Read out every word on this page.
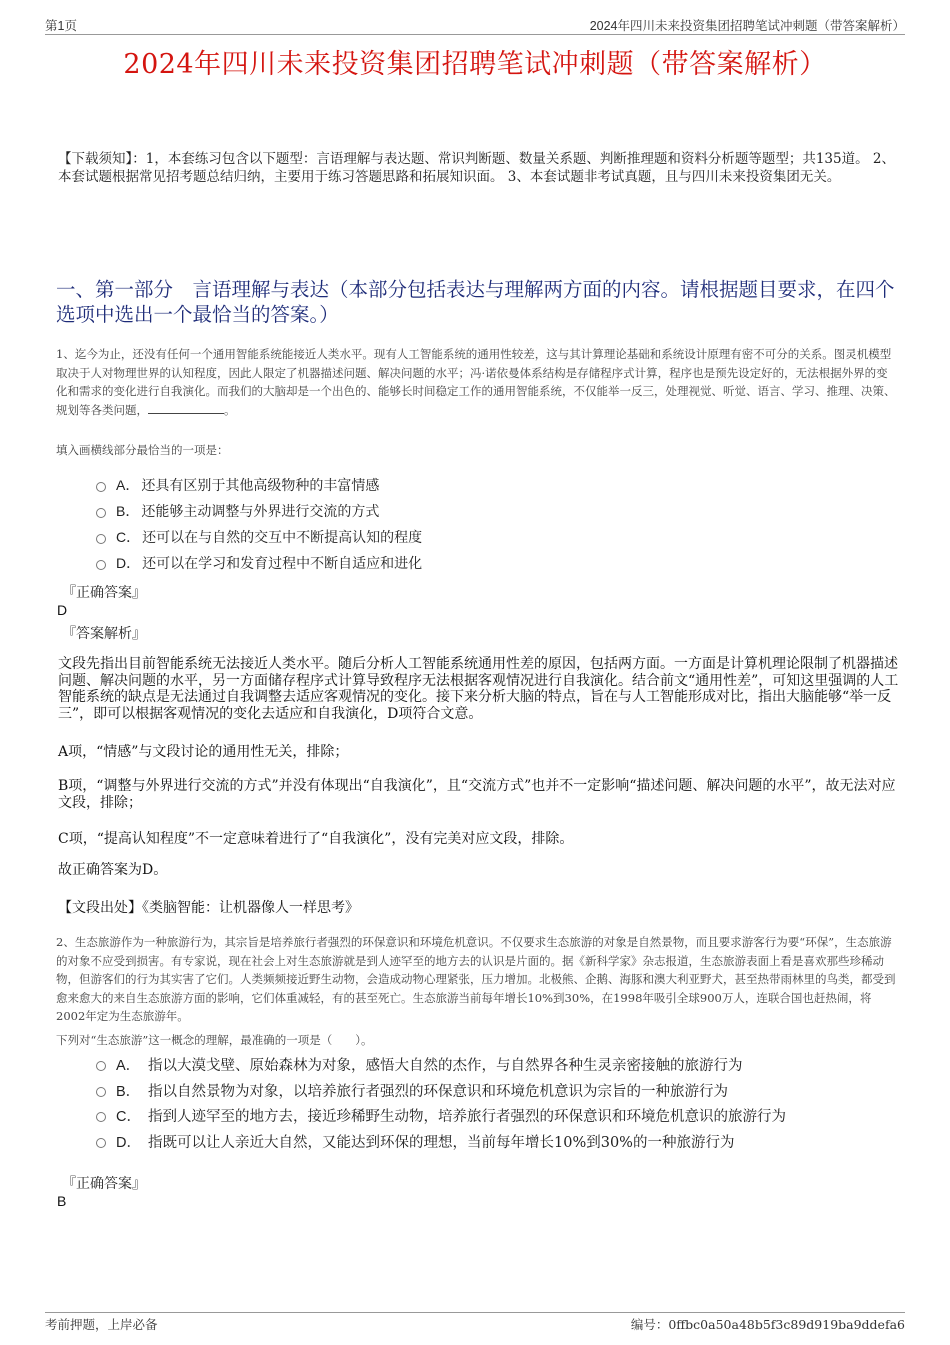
第1页	2024年四川未来投资集团招聘笔试冲刺题（带答案解析）
2024年四川未来投资集团招聘笔试冲刺题（带答案解析）
【下载须知】：1，本套练习包含以下题型：言语理解与表达题、常识判断题、数量关系题、判断推理题和资料分析题等题型；共135道。 2、本套试题根据常见招考题总结归纳，主要用于练习答题思路和拓展知识面。 3、本套试题非考试真题，且与四川未来投资集团无关。
一、第一部分　言语理解与表达（本部分包括表达与理解两方面的内容。请根据题目要求，在四个选项中选出一个最恰当的答案。）
1、迄今为止，还没有任何一个通用智能系统能接近人类水平。现有人工智能系统的通用性较差，这与其计算理论基础和系统设计原理有密不可分的关系。图灵机模型取决于人对物理世界的认知程度，因此人限定了机器描述问题、解决问题的水平；冯·诺依曼体系结构是存储程序式计算，程序也是预先设定好的，无法根据外界的变化和需求的变化进行自我演化。而我们的大脑却是一个出色的、能够长时间稳定工作的通用智能系统，不仅能举一反三，处理视觉、听觉、语言、学习、推理、决策、规划等各类问题，	。
填入画横线部分最恰当的一项是：
A． 还具有区别于其他高级物种的丰富情感
B． 还能够主动调整与外界进行交流的方式
C． 还可以在与自然的交互中不断提高认知的程度
D． 还可以在学习和发育过程中不断自适应和进化
『正确答案』
D
『答案解析』
文段先指出目前智能系统无法接近人类水平。随后分析人工智能系统通用性差的原因，包括两方面。一方面是计算机理论限制了机器描述问题、解决问题的水平，另一方面储存程序式计算导致程序无法根据客观情况进行自我演化。结合前文“通用性差”，可知这里强调的人工智能系统的缺点是无法通过自我调整去适应客观情况的变化。接下来分析大脑的特点，旨在与人工智能形成对比，指出大脑能够“举一反三”，即可以根据客观情况的变化去适应和自我演化，D项符合文意。
A项，“情感”与文段讨论的通用性无关，排除；
B项，“调整与外界进行交流的方式”并没有体现出“自我演化”，且“交流方式”也并不一定影响“描述问题、解决问题的水平”，故无法对应文段，排除；
C项，“提高认知程度”不一定意味着进行了“自我演化”，没有完美对应文段，排除。
故正确答案为D。
【文段出处】《类脑智能：让机器像人一样思考》
2、生态旅游作为一种旅游行为，其宗旨是培养旅行者强烈的环保意识和环境危机意识。不仅要求生态旅游的对象是自然景物，而且要求游客行为要“环保”，生态旅游的对象不应受到损害。有专家说，现在社会上对生态旅游就是到人迹罕至的地方去的认识是片面的。据《新科学家》杂志报道，生态旅游表面上看是喜欢那些珍稀动物，但游客们的行为其实害了它们。人类频频接近野生动物，会造成动物心理紧张，压力增加。北极熊、企鹅、海豚和澳大利亚野犬，甚至热带雨林里的鸟类，都受到愈来愈大的来自生态旅游方面的影响，它们体重减轻，有的甚至死亡。生态旅游当前每年增长10%到30%，在1998年吸引全球900万人，连联合国也赶热闹，将2002年定为生态旅游年。
下列对“生态旅游”这一概念的理解，最准确的一项是（　　）。
A． 指以大漠戈壁、原始森林为对象，感悟大自然的杰作，与自然界各种生灵亲密接触的旅游行为
B． 指以自然景物为对象，以培养旅行者强烈的环保意识和环境危机意识为宗旨的一种旅游行为
C． 指到人迹罕至的地方去，接近珍稀野生动物，培养旅行者强烈的环保意识和环境危机意识的旅游行为
D． 指既可以让人亲近大自然，又能达到环保的理想，当前每年增长10%到30%的一种旅游行为
『正确答案』
B
考前押题，上岸必备	编号：0ffbc0a50a48b5f3c89d919ba9ddefa6
